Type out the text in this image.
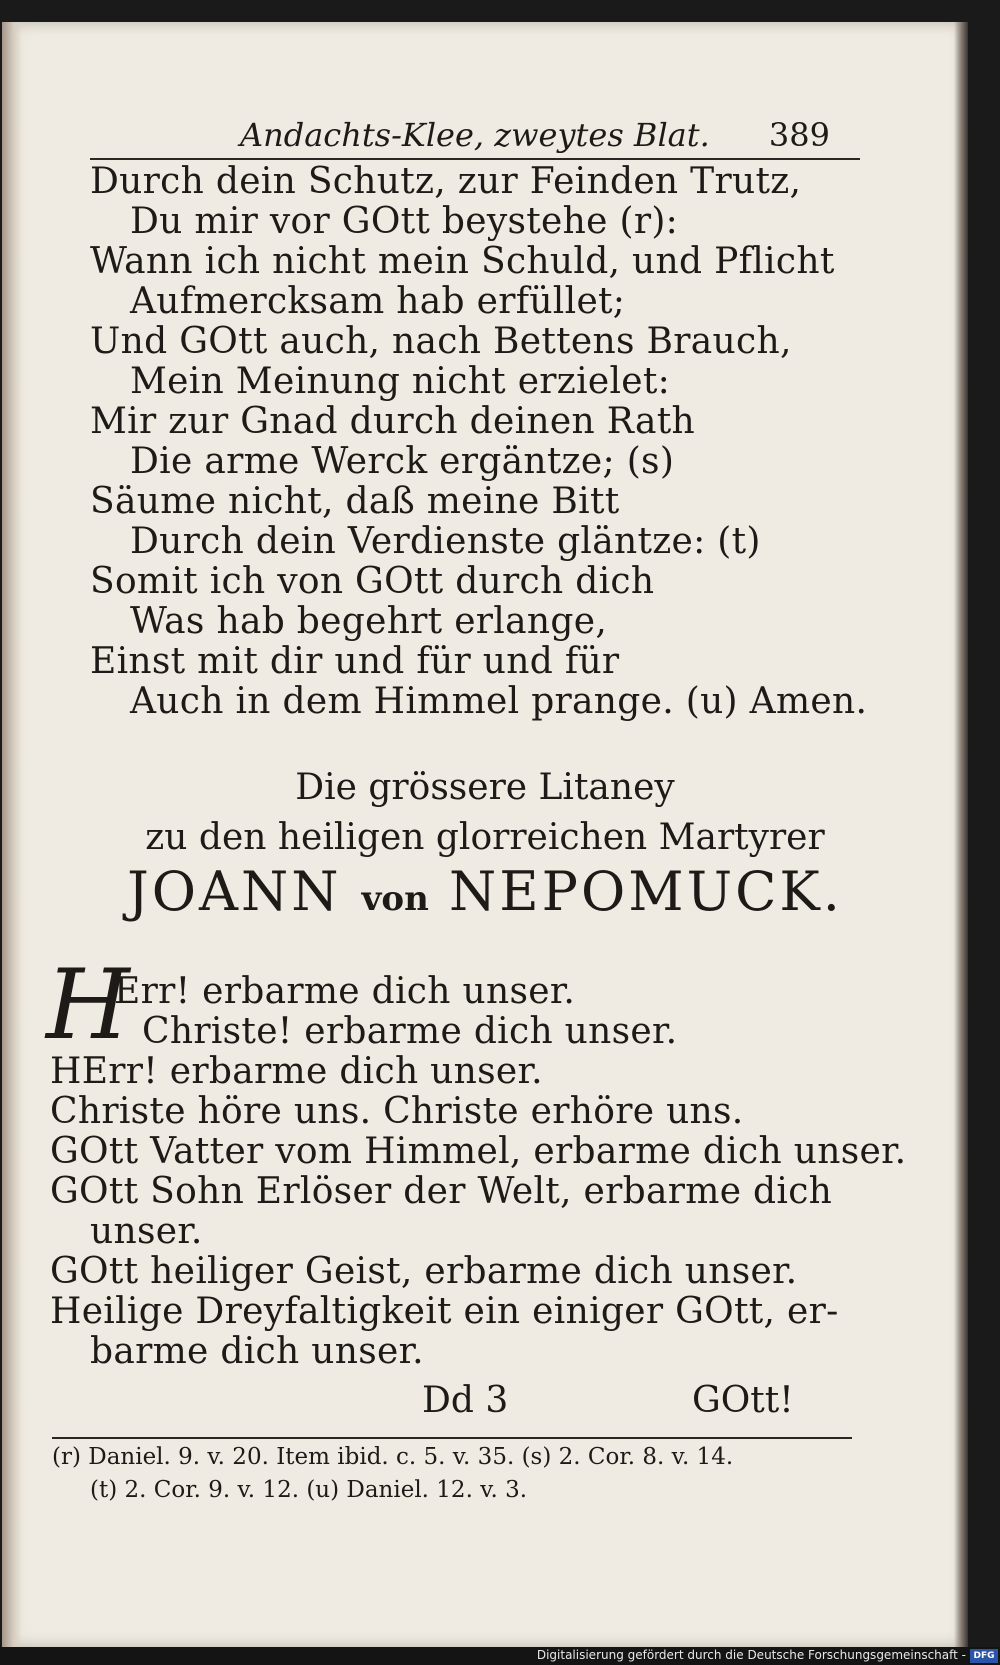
Andachts-Klee, zweytes Blat. 389

Durch dein Schutz, zur Feinden Trutz,

Du mir vor GOtt beystehe (r):

Wann ich nicht mein Schuld, und Pflicht

Aufmercksam hab erfüllet;

Und GOtt auch, nach Bettens Brauch,

Mein Meinung nicht erzielet:

Mir zur Gnad durch deinen Rath

Die arme Werck ergäntze; (s)

Säume nicht, daß meine Bitt

Durch dein Verdienste gläntze: (t)

Somit ich von GOtt durch dich

Was hab begehrt erlange,

Einst mit dir und für und für

Auch in dem Himmel prange. (u) Amen.

Die grössere Litaney

zu den heiligen glorreichen Martyrer

JOANN von NEPOMUCK.

H

Err! erbarme dich unser.

Christe! erbarme dich unser.

HErr! erbarme dich unser.

Christe höre uns. Christe erhöre uns.

GOtt Vatter vom Himmel, erbarme dich unser.

GOtt Sohn Erlöser der Welt, erbarme dich

unser.

GOtt heiliger Geist, erbarme dich unser.

Heilige Dreyfaltigkeit ein einiger GOtt, er-

barme dich unser.

Dd 3	GOtt!

(r) Daniel. 9. v. 20. Item ibid. c. 5. v. 35. (s) 2. Cor. 8. v. 14.

(t) 2. Cor. 9. v. 12. (u) Daniel. 12. v. 3.

Digitalisierung gefördert durch die Deutsche Forschungsgemeinschaft - DFG
